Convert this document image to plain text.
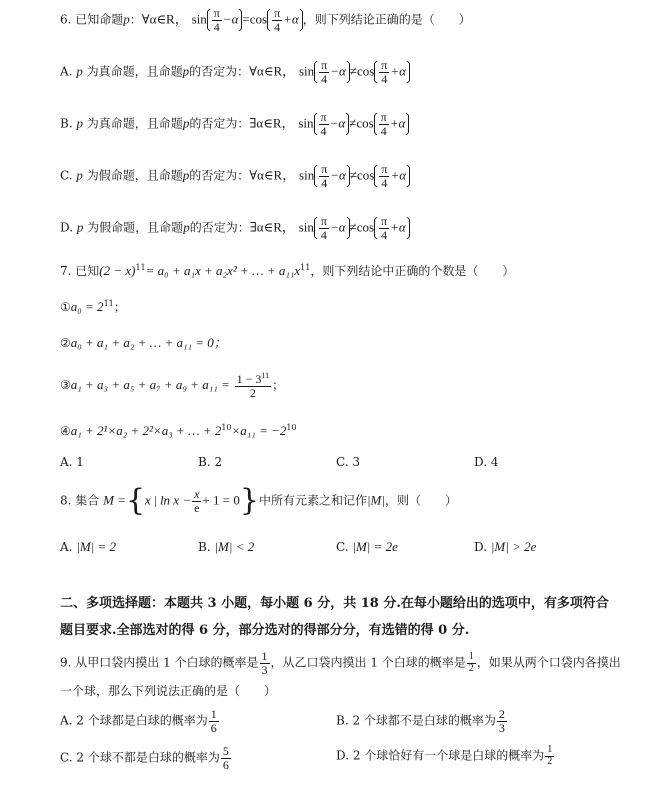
6. 已知命题p：∀α∈R， $\sin \frac{\pi}{4} -\alpha =\cos \frac{\pi}{4} +\alpha$ ，则下列结论正确的是（　　）
A. p 为真命题，且命题p的否定为：∀α∈R， $\sin \frac{\pi}{4} -\alpha \ne\cos \frac{\pi}{4} +\alpha$
B. p 为真命题，且命题p的否定为：∃α∈R， $\sin \frac{\pi}{4} -\alpha \ne\cos \frac{\pi}{4} +\alpha$
C. p 为假命题，且命题p的否定为：∀α∈R， $\sin \frac{\pi}{4} -\alpha \ne\cos \frac{\pi}{4} +\alpha$
D. p 为假命题，且命题p的否定为：∃α∈R， $\sin \frac{\pi}{4} -\alpha \ne\cos \frac{\pi}{4} +\alpha$
7. 已知$(2 - x)^{11}= a_0 + a_1x + a_2x^2$ + … + $a_{11}x^{11}$，则下列结论中正确的个数是（　　）
①a₀ = $2^{11}$；
②a₀ + a₁ + a₂ + … + a₁₁ = 0；
③a₁ + $a_3 + a_5 + a_7 + a_9 + a_{11} = \frac{1 - 3^{11}}{2}$ ；
④a₁ + 2¹×a₂ + 2²×a₃ + … + $2^{10}\times a_{11} = -2^{10}$
A. 1	B. 2	C. 3	D. 4
8. 集合 M ={x | $\ln x - \frac{x}{e} + 1 = 0$}中所有元素之和记作|M|，则（　　）
A. |M| = 2	B. |M| < 2	C. |M| = 2e	D. |M| > 2e
二、多项选择题：本题共 3 小题，每小题 6 分，共 18 分.在每小题给出的选项中，有多项符合
题目要求.全部选对的得 6 分，部分选对的得部分分，有选错的得 0 分.
9. 从甲口袋内摸出 1 个白球的概率是 $\frac{1}{3}$ ，从乙口袋内摸出 1 个白球的概率是 $\frac{1}{2}$ ，如果从两个口袋内各摸出
一个球，那么下列说法正确的是（　　）
A. 2 个球都是白球的概率为 $\frac{1}{6}$	B. 2 个球都不是白球的概率为 $\frac{2}{3}$
C. 2 个球不都是白球的概率为 $\frac{5}{6}$	D. 2 个球恰好有一个球是白球的概率为 $\frac{1}{2}$
